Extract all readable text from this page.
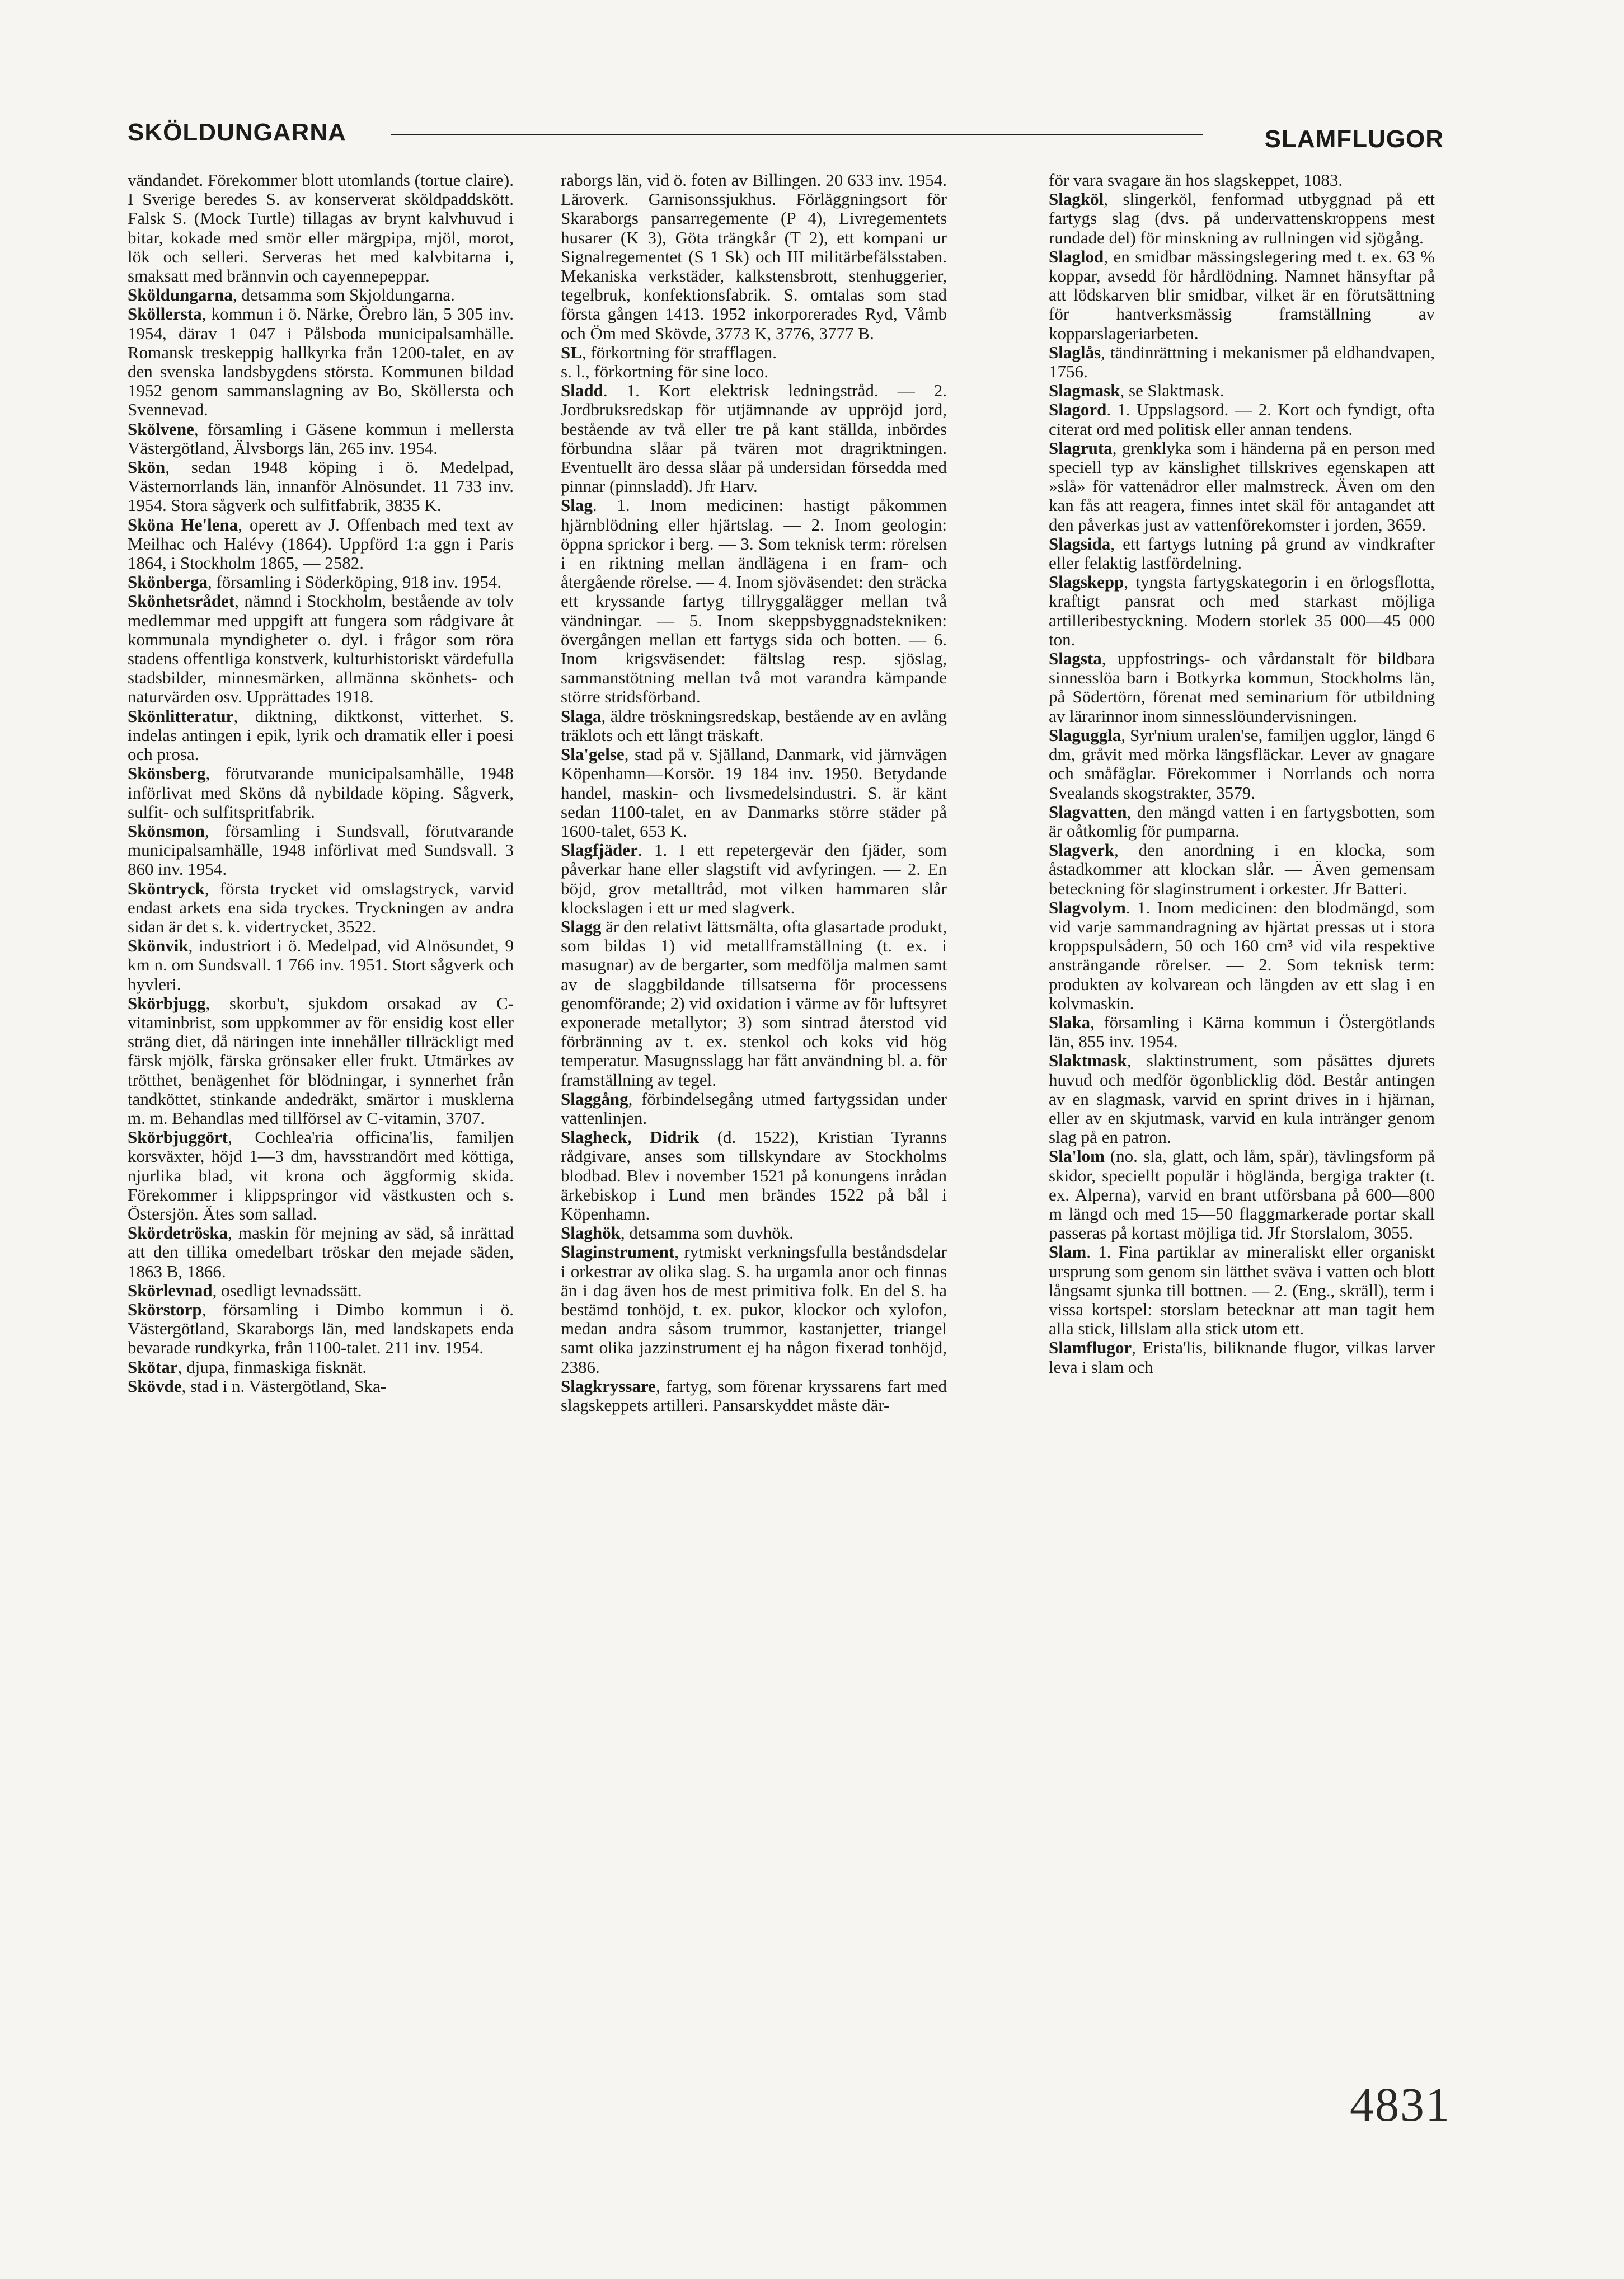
SKÖLDUNGARNA	SLAMFLUGOR

vändandet. Förekommer blott utomlands (tortue claire). I Sverige beredes S. av konserverat sköldpaddskött. Falsk S. (Mock Turtle) tillagas av brynt kalvhuvud i bitar, kokade med smör eller märgpipa, mjöl, morot, lök och selleri. Serveras het med kalvbitarna i, smaksatt med brännvin och cayennepeppar.

Sköldungarna, detsamma som Skjoldungarna.

Sköllersta, kommun i ö. Närke, Örebro län, 5 305 inv. 1954, därav 1 047 i Pålsboda municipalsamhälle. Romansk treskeppig hallkyrka från 1200-talet, en av den svenska landsbygdens största. Kommunen bildad 1952 genom sammanslagning av Bo, Sköllersta och Svennevad.

Skölvene, församling i Gäsene kommun i mellersta Västergötland, Älvsborgs län, 265 inv. 1954.

Skön, sedan 1948 köping i ö. Medelpad, Västernorrlands län, innanför Alnösundet. 11 733 inv. 1954. Stora sågverk och sulfitfabrik, 3835 K.

Sköna He'lena, operett av J. Offenbach med text av Meilhac och Halévy (1864). Uppförd 1:a ggn i Paris 1864, i Stockholm 1865, — 2582.

Skönberga, församling i Söderköping, 918 inv. 1954.

Skönhetsrådet, nämnd i Stockholm, bestående av tolv medlemmar med uppgift att fungera som rådgivare åt kommunala myndigheter o. dyl. i frågor som röra stadens offentliga konstverk, kulturhistoriskt värdefulla stadsbilder, minnesmärken, allmänna skönhets- och naturvärden osv. Upprättades 1918.

Skönlitteratur, diktning, diktkonst, vitterhet. S. indelas antingen i epik, lyrik och dramatik eller i poesi och prosa.

Skönsberg, förutvarande municipalsamhälle, 1948 införlivat med Sköns då nybildade köping. Sågverk, sulfit- och sulfitspritfabrik.

Skönsmon, församling i Sundsvall, förutvarande municipalsamhälle, 1948 införlivat med Sundsvall. 3 860 inv. 1954.

Sköntryck, första trycket vid omslagstryck, varvid endast arkets ena sida tryckes. Tryckningen av andra sidan är det s. k. vidertrycket, 3522.

Skönvik, industriort i ö. Medelpad, vid Alnösundet, 9 km n. om Sundsvall. 1 766 inv. 1951. Stort sågverk och hyvleri.

Skörbjugg, skorbu't, sjukdom orsakad av C-vitaminbrist, som uppkommer av för ensidig kost eller sträng diet, då näringen inte innehåller tillräckligt med färsk mjölk, färska grönsaker eller frukt. Utmärkes av trötthet, benägenhet för blödningar, i synnerhet från tandköttet, stinkande andedräkt, smärtor i musklerna m. m. Behandlas med tillförsel av C-vitamin, 3707.

Skörbjuggört, Cochlea'ria officina'lis, familjen korsväxter, höjd 1—3 dm, havsstrandört med köttiga, njurlika blad, vit krona och äggformig skida. Förekommer i klippspringor vid västkusten och s. Östersjön. Ätes som sallad.

Skördetröska, maskin för mejning av säd, så inrättad att den tillika omedelbart tröskar den mejade säden, 1863 B, 1866.

Skörlevnad, osedligt levnadssätt.

Skörstorp, församling i Dimbo kommun i ö. Västergötland, Skaraborgs län, med landskapets enda bevarade rundkyrka, från 1100-talet. 211 inv. 1954.

Skötar, djupa, finmaskiga fisknät.

Skövde, stad i n. Västergötland, Ska-

raborgs län, vid ö. foten av Billingen. 20 633 inv. 1954. Läroverk. Garnisonssjukhus. Förläggningsort för Skaraborgs pansarregemente (P 4), Livregementets husarer (K 3), Göta trängkår (T 2), ett kompani ur Signalregementet (S 1 Sk) och III militärbefälsstaben. Mekaniska verkstäder, kalkstensbrott, stenhuggerier, tegelbruk, konfektionsfabrik. S. omtalas som stad första gången 1413. 1952 inkorporerades Ryd, Våmb och Öm med Skövde, 3773 K, 3776, 3777 B.

SL, förkortning för strafflagen.

s. l., förkortning för sine loco.

Sladd. 1. Kort elektrisk ledningstråd. — 2. Jordbruksredskap för utjämnande av uppröjd jord, bestående av två eller tre på kant ställda, inbördes förbundna slåar på tvären mot dragriktningen. Eventuellt äro dessa slåar på undersidan försedda med pinnar (pinnsladd). Jfr Harv.

Slag. 1. Inom medicinen: hastigt påkommen hjärnblödning eller hjärtslag. — 2. Inom geologin: öppna sprickor i berg. — 3. Som teknisk term: rörelsen i en riktning mellan ändlägena i en fram- och återgående rörelse. — 4. Inom sjöväsendet: den sträcka ett kryssande fartyg tillryggalägger mellan två vändningar. — 5. Inom skeppsbyggnadstekniken: övergången mellan ett fartygs sida och botten. — 6. Inom krigsväsendet: fältslag resp. sjöslag, sammanstötning mellan två mot varandra kämpande större stridsförband.

Slaga, äldre tröskningsredskap, bestående av en avlång träklots och ett långt träskaft.

Sla'gelse, stad på v. Själland, Danmark, vid järnvägen Köpenhamn—Korsör. 19 184 inv. 1950. Betydande handel, maskin- och livsmedelsindustri. S. är känt sedan 1100-talet, en av Danmarks större städer på 1600-talet, 653 K.

Slagfjäder. 1. I ett repetergevär den fjäder, som påverkar hane eller slagstift vid avfyringen. — 2. En böjd, grov metalltråd, mot vilken hammaren slår klockslagen i ett ur med slagverk.

Slagg är den relativt lättsmälta, ofta glasartade produkt, som bildas 1) vid metallframställning (t. ex. i masugnar) av de bergarter, som medfölja malmen samt av de slaggbildande tillsatserna för processens genomförande; 2) vid oxidation i värme av för luftsyret exponerade metallytor; 3) som sintrad återstod vid förbränning av t. ex. stenkol och koks vid hög temperatur. Masugnsslagg har fått användning bl. a. för framställning av tegel.

Slaggång, förbindelsegång utmed fartygssidan under vattenlinjen.

Slagheck, Didrik (d. 1522), Kristian Tyranns rådgivare, anses som tillskyndare av Stockholms blodbad. Blev i november 1521 på konungens inrådan ärkebiskop i Lund men brändes 1522 på bål i Köpenhamn.

Slaghök, detsamma som duvhök.

Slaginstrument, rytmiskt verkningsfulla beståndsdelar i orkestrar av olika slag. S. ha urgamla anor och finnas än i dag även hos de mest primitiva folk. En del S. ha bestämd tonhöjd, t. ex. pukor, klockor och xylofon, medan andra såsom trummor, kastanjetter, triangel samt olika jazzinstrument ej ha någon fixerad tonhöjd, 2386.

Slagkryssare, fartyg, som förenar kryssarens fart med slagskeppets artilleri. Pansarskyddet måste där-

för vara svagare än hos slagskeppet, 1083.

Slagköl, slingerköl, fenformad utbyggnad på ett fartygs slag (dvs. på undervattenskroppens mest rundade del) för minskning av rullningen vid sjögång.

Slaglod, en smidbar mässingslegering med t. ex. 63 % koppar, avsedd för hårdlödning. Namnet hänsyftar på att lödskarven blir smidbar, vilket är en förutsättning för hantverksmässig framställning av kopparslageriarbeten.

Slaglås, tändinrättning i mekanismer på eldhandvapen, 1756.

Slagmask, se Slaktmask.

Slagord. 1. Uppslagsord. — 2. Kort och fyndigt, ofta citerat ord med politisk eller annan tendens.

Slagruta, grenklyka som i händerna på en person med speciell typ av känslighet tillskrives egenskapen att »slå» för vattenådror eller malmstreck. Även om den kan fås att reagera, finnes intet skäl för antagandet att den påverkas just av vattenförekomster i jorden, 3659.

Slagsida, ett fartygs lutning på grund av vindkrafter eller felaktig lastfördelning.

Slagskepp, tyngsta fartygskategorin i en örlogsflotta, kraftigt pansrat och med starkast möjliga artilleribestyckning. Modern storlek 35 000—45 000 ton.

Slagsta, uppfostrings- och vårdanstalt för bildbara sinnesslöa barn i Botkyrka kommun, Stockholms län, på Södertörn, förenat med seminarium för utbildning av lärarinnor inom sinnesslöundervisningen.

Slaguggla, Syr'nium uralen'se, familjen ugglor, längd 6 dm, gråvit med mörka längsfläckar. Lever av gnagare och småfåglar. Förekommer i Norrlands och norra Svealands skogstrakter, 3579.

Slagvatten, den mängd vatten i en fartygsbotten, som är oåtkomlig för pumparna.

Slagverk, den anordning i en klocka, som åstadkommer att klockan slår. — Även gemensam beteckning för slaginstrument i orkester. Jfr Batteri.

Slagvolym. 1. Inom medicinen: den blodmängd, som vid varje sammandragning av hjärtat pressas ut i stora kroppspulsådern, 50 och 160 cm³ vid vila respektive ansträngande rörelser. — 2. Som teknisk term: produkten av kolvarean och längden av ett slag i en kolvmaskin.

Slaka, församling i Kärna kommun i Östergötlands län, 855 inv. 1954.

Slaktmask, slaktinstrument, som påsättes djurets huvud och medför ögonblicklig död. Består antingen av en slagmask, varvid en sprint drives in i hjärnan, eller av en skjutmask, varvid en kula intränger genom slag på en patron.

Sla'lom (no. sla, glatt, och låm, spår), tävlingsform på skidor, speciellt populär i höglända, bergiga trakter (t. ex. Alperna), varvid en brant utförsbana på 600—800 m längd och med 15—50 flaggmarkerade portar skall passeras på kortast möjliga tid. Jfr Storslalom, 3055.

Slam. 1. Fina partiklar av mineraliskt eller organiskt ursprung som genom sin lätthet sväva i vatten och blott långsamt sjunka till bottnen. — 2. (Eng., skräll), term i vissa kortspel: storslam betecknar att man tagit hem alla stick, lillslam alla stick utom ett.

Slamflugor, Erista'lis, biliknande flugor, vilkas larver leva i slam och

4831
